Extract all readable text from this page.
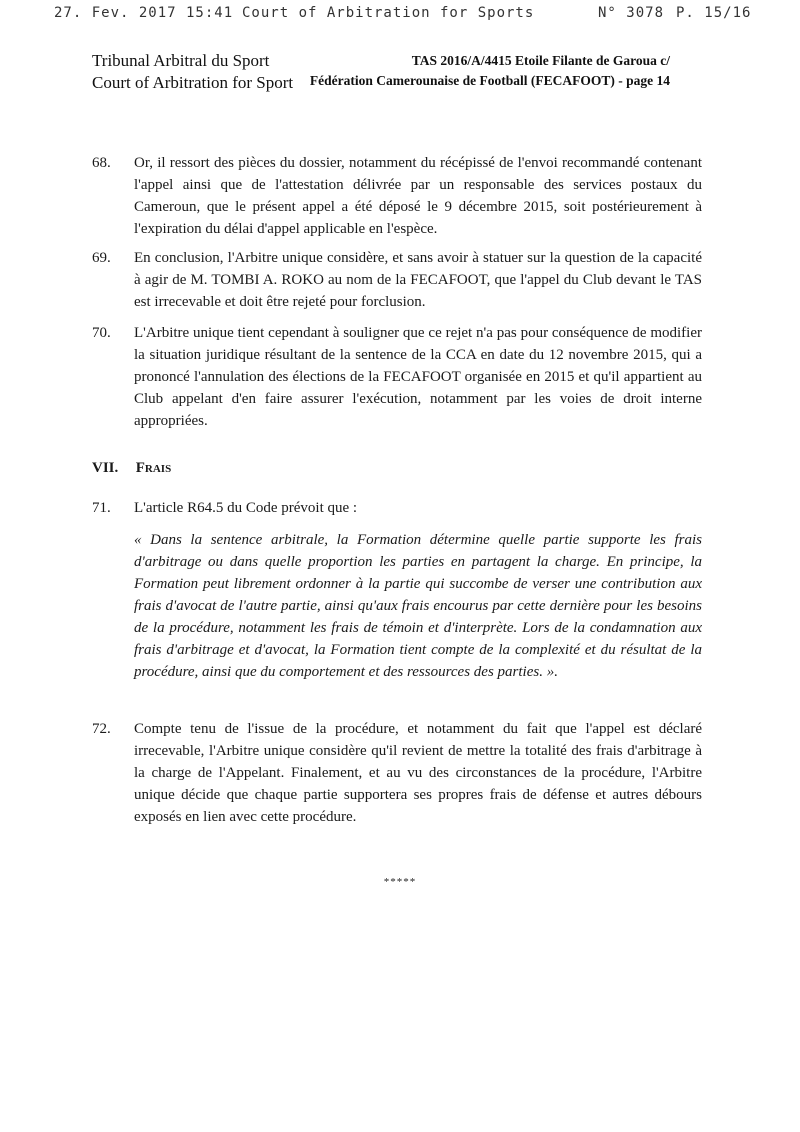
27. Fev. 2017 15:41 Court of Arbitration for Sports	N° 3078 P. 15/16
Tribunal Arbitral du Sport
Court of Arbitration for Sport
TAS 2016/A/4415 Etoile Filante de Garoua c/
Fédération Camerounaise de Football (FECAFOOT) - page 14
68.	Or, il ressort des pièces du dossier, notamment du récépissé de l'envoi recommandé contenant l'appel ainsi que de l'attestation délivrée par un responsable des services postaux du Cameroun, que le présent appel a été déposé le 9 décembre 2015, soit postérieurement à l'expiration du délai d'appel applicable en l'espèce.
69.	En conclusion, l'Arbitre unique considère, et sans avoir à statuer sur la question de la capacité à agir de M. TOMBI A. ROKO au nom de la FECAFOOT, que l'appel du Club devant le TAS est irrecevable et doit être rejeté pour forclusion.
70.	L'Arbitre unique tient cependant à souligner que ce rejet n'a pas pour conséquence de modifier la situation juridique résultant de la sentence de la CCA en date du 12 novembre 2015, qui a prononcé l'annulation des élections de la FECAFOOT organisée en 2015 et qu'il appartient au Club appelant d'en faire assurer l'exécution, notamment par les voies de droit interne appropriées.
VII. Frais
71.	L'article R64.5 du Code prévoit que :
« Dans la sentence arbitrale, la Formation détermine quelle partie supporte les frais d'arbitrage ou dans quelle proportion les parties en partagent la charge. En principe, la Formation peut librement ordonner à la partie qui succombe de verser une contribution aux frais d'avocat de l'autre partie, ainsi qu'aux frais encourus par cette dernière pour les besoins de la procédure, notamment les frais de témoin et d'interprète. Lors de la condamnation aux frais d'arbitrage et d'avocat, la Formation tient compte de la complexité et du résultat de la procédure, ainsi que du comportement et des ressources des parties. ».
72.	Compte tenu de l'issue de la procédure, et notamment du fait que l'appel est déclaré irrecevable, l'Arbitre unique considère qu'il revient de mettre la totalité des frais d'arbitrage à la charge de l'Appelant. Finalement, et au vu des circonstances de la procédure, l'Arbitre unique décide que chaque partie supportera ses propres frais de défense et autres débours exposés en lien avec cette procédure.
*****
